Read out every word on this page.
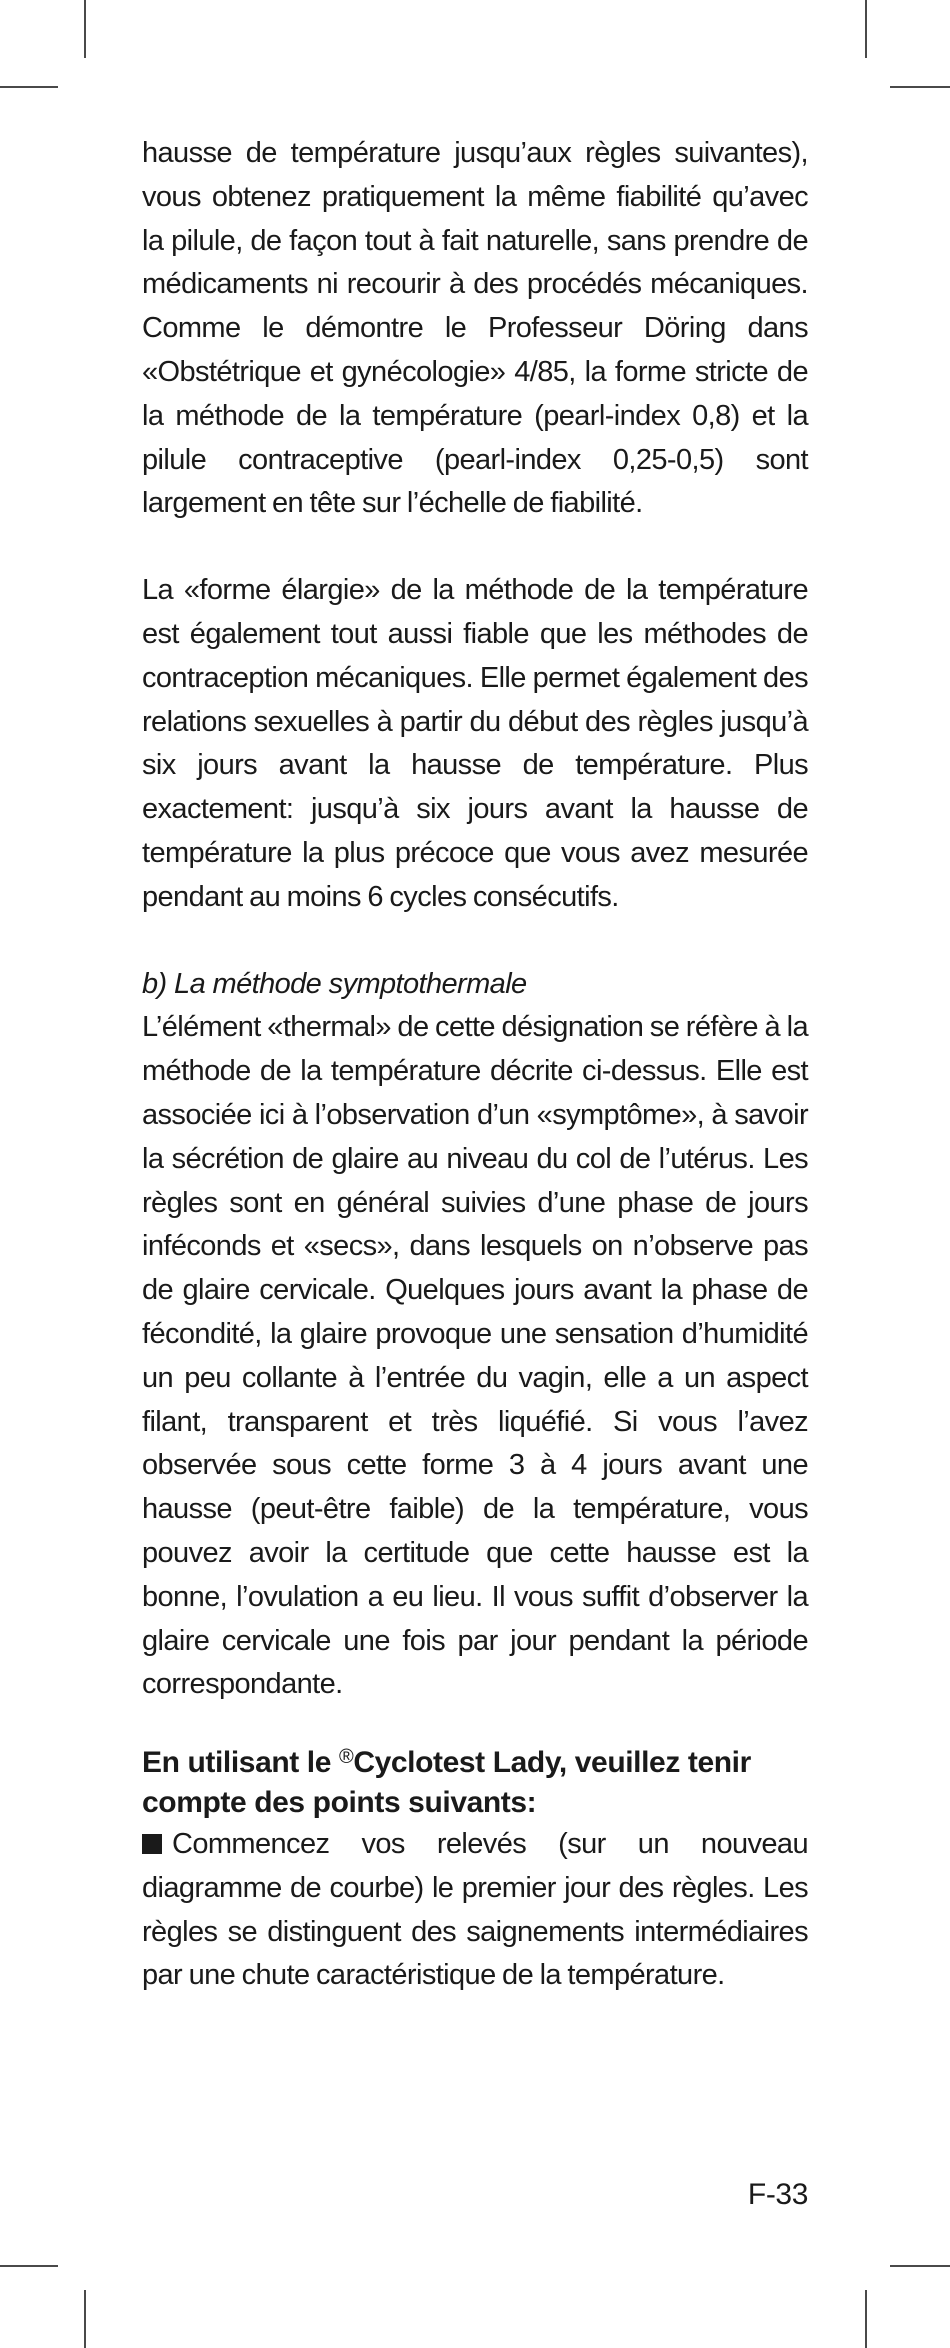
hausse de température jusqu’aux règles suivantes), vous obtenez pratiquement la même fiabilité qu’avec la pilule, de façon tout à fait naturelle, sans prendre de médicaments ni recourir à des procédés mécaniques. Comme le démontre le Professeur Döring dans «Obstétrique et gynécologie» 4/85, la forme stricte de la méthode de la température (pearl-index 0,8) et la pilule contraceptive (pearl-index 0,25-0,5) sont largement en tête sur l’échelle de fiabilité.

La «forme élargie» de la méthode de la température est également tout aussi fiable que les méthodes de contraception mécaniques. Elle permet également des relations sexuelles à partir du début des règles jusqu’à six jours avant la hausse de température. Plus exactement: jusqu’à six jours avant la hausse de température la plus précoce que vous avez mesurée pendant au moins 6 cycles consécutifs.

b) La méthode symptothermale

L’élément «thermal» de cette désignation se réfère à la méthode de la température décrite ci-dessus. Elle est associée ici à l’observation d’un «symptôme», à savoir la sécrétion de glaire au niveau du col de l’utérus. Les règles sont en général suivies d’une phase de jours inféconds et «secs», dans lesquels on n’observe pas de glaire cervicale. Quelques jours avant la phase de fécondité, la glaire provoque une sensation d’humidité un peu collante à l’entrée du vagin, elle a un aspect filant, transparent et très liquéfié. Si vous l’avez observée sous cette forme 3 à 4 jours avant une hausse (peut-être faible) de la température, vous pouvez avoir la certitude que cette hausse est la bonne, l’ovulation a eu lieu. Il vous suffit d’observer la glaire cervicale une fois par jour pendant la période correspondante.

En utilisant le ®Cyclotest Lady, veuillez tenir compte des points suivants:

Commencez vos relevés (sur un nouveau diagramme de courbe) le premier jour des règles. Les règles se distinguent des saignements intermédiaires par une chute caractéristique de la température.

F-33
